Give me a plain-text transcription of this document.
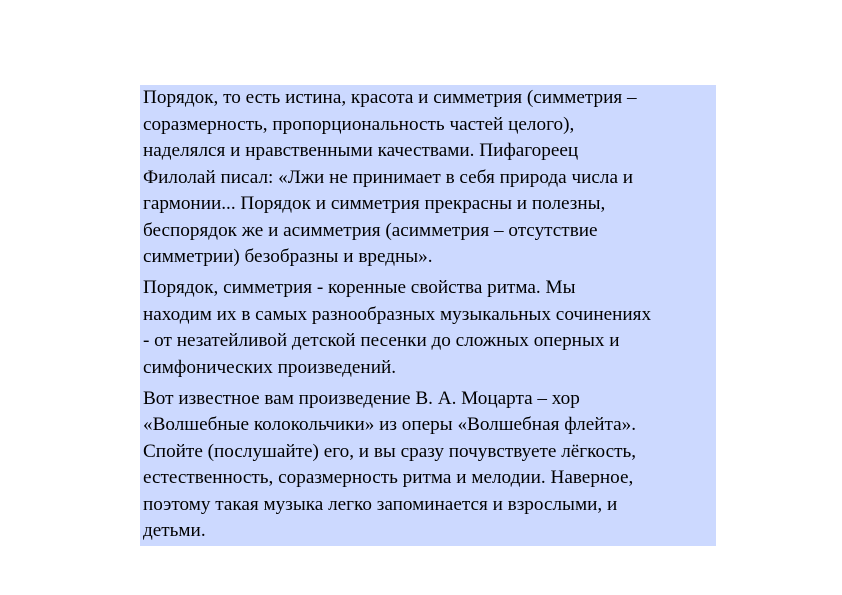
Порядок, то есть истина, красота и симметрия (симметрия –
соразмерность, пропорциональность частей целого),
наделялся и нравственными качествами. Пифагореец
Филолай писал: «Лжи не принимает в себя природа числа и
гармонии... Порядок и симметрия прекрасны и полезны,
беспорядок же и асимметрия (асимметрия – отсутствие
симметрии) безобразны и вредны».

Порядок, симметрия - коренные свойства ритма. Мы
находим их в самых разнообразных музыкальных сочинениях
- от незатейливой детской песенки до сложных оперных и
симфонических произведений.

Вот известное вам произведение В. А. Моцарта – хор
«Волшебные колокольчики» из оперы «Волшебная флейта».
Спойте (послушайте) его, и вы сразу почувствуете лёгкость,
естественность, соразмерность ритма и мелодии. Наверное,
поэтому такая музыка легко запоминается и взрослыми, и
детьми.
